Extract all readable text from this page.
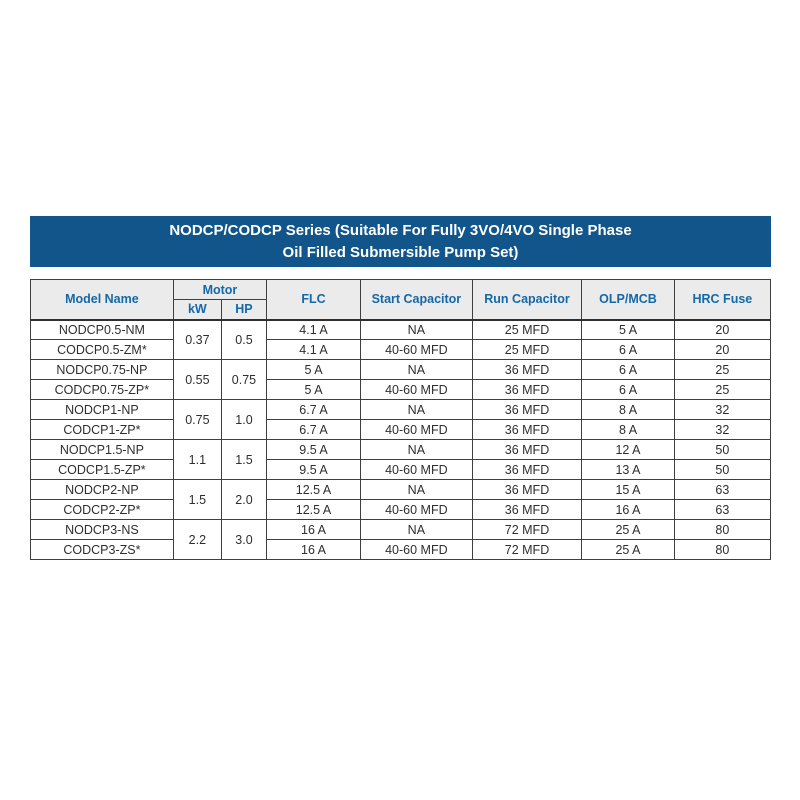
NODCP/CODCP Series (Suitable For Fully 3VO/4VO Single Phase
Oil Filled Submersible Pump Set)
Model Name	Motor		FLC	Start Capacitor	Run Capacitor	OLP/MCB	HRC Fuse
	kW	HP					
NODCP0.5-NM	0.37	0.5	4.1 A	NA	25 MFD	5 A	20
CODCP0.5-ZM*			4.1 A	40-60 MFD	25 MFD	6 A	20
NODCP0.75-NP	0.55	0.75	5 A	NA	36 MFD	6 A	25
CODCP0.75-ZP*			5 A	40-60 MFD	36 MFD	6 A	25
NODCP1-NP	0.75	1.0	6.7 A	NA	36 MFD	8 A	32
CODCP1-ZP*			6.7 A	40-60 MFD	36 MFD	8 A	32
NODCP1.5-NP	1.1	1.5	9.5 A	NA	36 MFD	12 A	50
CODCP1.5-ZP*			9.5 A	40-60 MFD	36 MFD	13 A	50
NODCP2-NP	1.5	2.0	12.5 A	NA	36 MFD	15 A	63
CODCP2-ZP*			12.5 A	40-60 MFD	36 MFD	16 A	63
NODCP3-NS	2.2	3.0	16 A	NA	72 MFD	25 A	80
CODCP3-ZS*			16 A	40-60 MFD	72 MFD	25 A	80
